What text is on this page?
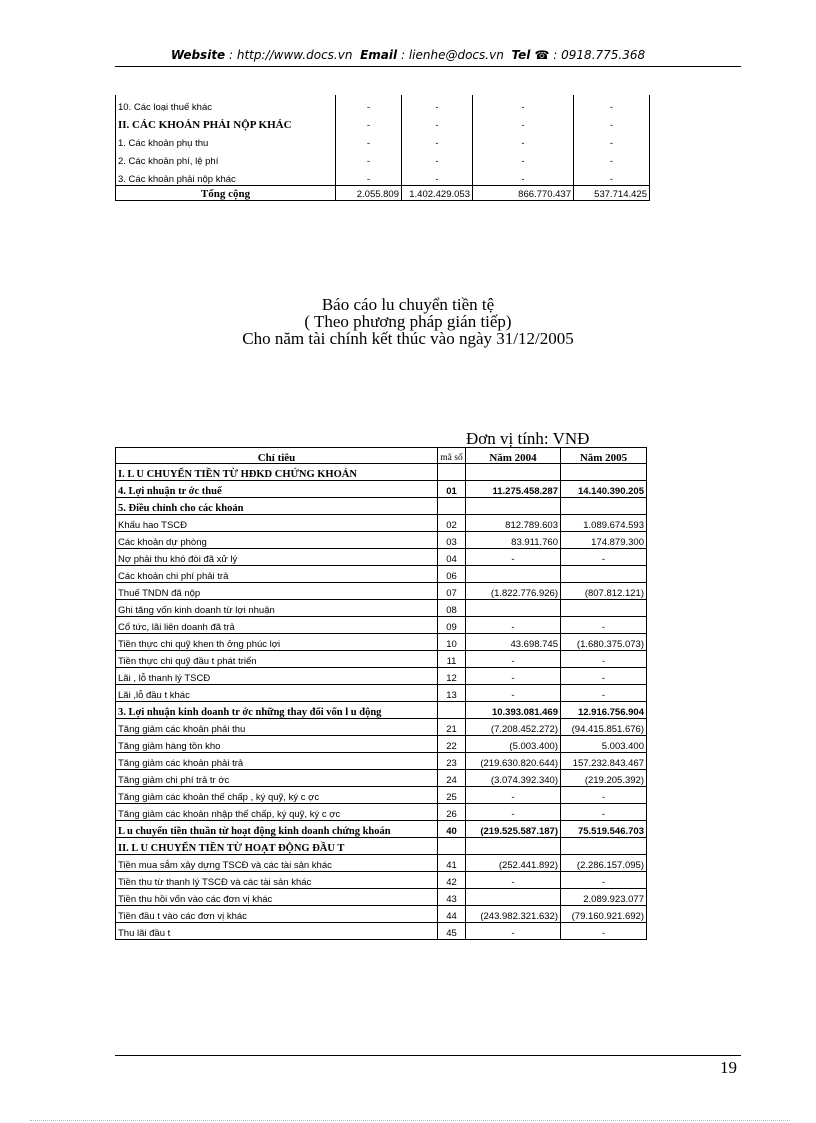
Website : http://www.docs.vn Email : lienhe@docs.vn Tel ☎ : 0918.775.368
10. Các loại thuế khác	-	-	-	-
II. CÁC KHOẢN PHẢI NỘP KHÁC	-	-	-	-
1. Các khoản phụ thu	-	-	-	-
2. Các khoản phí, lệ phí	-	-	-	-
3. Các khoản phải nộp khác	-	-	-	-
Tổng cộng	2.055.809	1.402.429.053	866.770.437	537.714.425
Báo cáo lu chuyển tiền tệ
( Theo phương pháp gián tiếp)
Cho năm tài chính kết thúc vào ngày 31/12/2005
Đơn vị tính: VNĐ
Chỉ tiêu	mã số	Năm 2004	Năm 2005
I. L U CHUYỂN TIỀN TỪ HĐKD CHỨNG KHOÁN			
4. Lợi nhuận tr ớc thuế	01	11.275.458.287	14.140.390.205
5. Điều chỉnh cho các khoản			
Khấu hao TSCĐ	02	812.789.603	1.089.674.593
Các khoản dự phòng	03	83.911.760	174.879.300
Nợ phải thu khó đòi đã xử lý	04	-	-
Các khoản chi phí phải trả	06		
Thuế TNDN đã nộp	07	(1.822.776.926)	(807.812.121)
Ghi tăng vốn kinh doanh từ lợi nhuận	08		
Cổ tức, lãi liên doanh đã trả	09	-	-
Tiền thực chi quỹ khen th ởng phúc lợi	10	43.698.745	(1.680.375.073)
Tiền thực chi quỹ đầu t phát triển	11	-	-
Lãi , lỗ thanh lý TSCĐ	12	-	-
Lãi ,lỗ đầu t khác	13	-	-
3. Lợi nhuận kinh doanh tr ớc những thay đổi vốn l u động		10.393.081.469	12.916.756.904
Tăng giảm các khoản phải thu	21	(7.208.452.272)	(94.415.851.676)
Tăng giảm hàng tồn kho	22	(5.003.400)	5.003.400
Tăng giảm các khoản phải trả	23	(219.630.820.644)	157.232.843.467
Tăng giảm chi phí trả tr ớc	24	(3.074.392.340)	(219.205.392)
Tăng giảm các khoản thế chấp , ký quỹ, ký c ợc	25	-	-
Tăng giảm các khoản nhập thế chấp, ký quỹ, ký c ợc	26	-	-
L u chuyển tiền thuần từ hoạt động kinh doanh chứng khoán	40	(219.525.587.187)	75.519.546.703
II. L U CHUYỂN TIỀN TỪ HOẠT ĐỘNG ĐẦU T			
Tiền mua sắm xây dựng TSCĐ và các tài sản khác	41	(252.441.892)	(2.286.157.095)
Tiền thu từ thanh lý TSCĐ và các tài sản khác	42	-	-
Tiền thu hồi vốn vào các đơn vị khác	43		2.089.923.077
Tiền đầu t vào các đơn vị khác	44	(243.982.321.632)	(79.160.921.692)
Thu lãi đầu t	45	-	-
19
